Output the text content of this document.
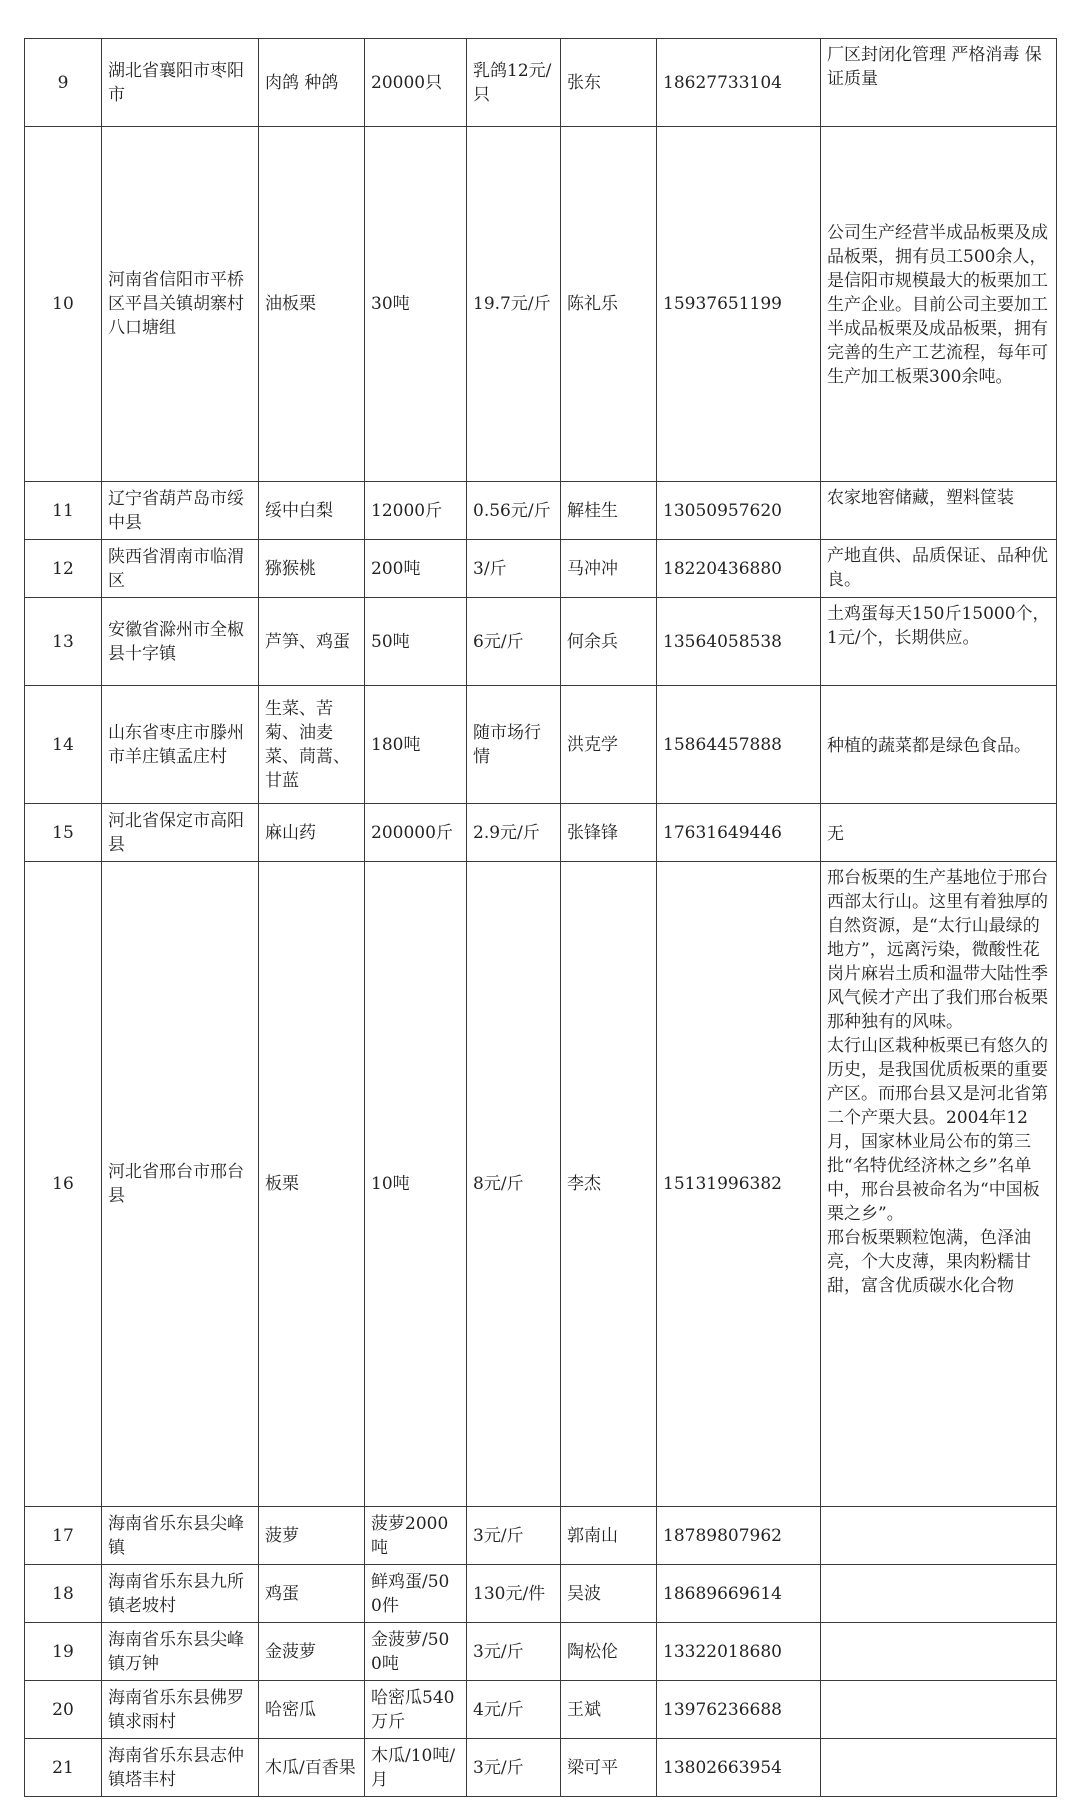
9	湖北省襄阳市枣阳市	肉鸽 种鸽	20000只	乳鸽12元/只	张东	18627733104	厂区封闭化管理 严格消毒 保证质量
10	河南省信阳市平桥区平昌关镇胡寨村八口塘组	油板栗	30吨	19.7元/斤	陈礼乐	15937651199	公司生产经营半成品板栗及成品板栗，拥有员工500余人，是信阳市规模最大的板栗加工生产企业。目前公司主要加工半成品板栗及成品板栗，拥有完善的生产工艺流程，每年可生产加工板栗300余吨。
11	辽宁省葫芦岛市绥中县	绥中白梨	12000斤	0.56元/斤	解桂生	13050957620	农家地窖储藏，塑料筐装
12	陕西省渭南市临渭区	猕猴桃	200吨	3/斤	马冲冲	18220436880	产地直供、品质保证、品种优良。
13	安徽省滁州市全椒县十字镇	芦笋、鸡蛋	50吨	6元/斤	何余兵	13564058538	土鸡蛋每天150斤15000个，1元/个，长期供应。
14	山东省枣庄市滕州市羊庄镇孟庄村	生菜、苦菊、油麦菜、茼蒿、甘蓝	180吨	随市场行情	洪克学	15864457888	种植的蔬菜都是绿色食品。
15	河北省保定市高阳县	麻山药	200000斤	2.9元/斤	张锋锋	17631649446	无
16	河北省邢台市邢台县	板栗	10吨	8元/斤	李杰	15131996382	邢台板栗的生产基地位于邢台西部太行山。这里有着独厚的自然资源，是“太行山最绿的地方”，远离污染，微酸性花岗片麻岩土质和温带大陆性季风气候才产出了我们邢台板栗那种独有的风味。
太行山区栽种板栗已有悠久的历史，是我国优质板栗的重要产区。而邢台县又是河北省第二个产栗大县。2004年12月，国家林业局公布的第三批“名特优经济林之乡”名单中，邢台县被命名为“中国板栗之乡”。
邢台板栗颗粒饱满，色泽油亮，个大皮薄，果肉粉糯甘甜，富含优质碳水化合物

17	海南省乐东县尖峰镇	菠萝	菠萝2000吨	3元/斤	郭南山	18789807962	
18	海南省乐东县九所镇老坡村	鸡蛋	鲜鸡蛋/500件	130元/件	吴波	18689669614	
19	海南省乐东县尖峰镇万钟	金菠萝	金菠萝/500吨	3元/斤	陶松伦	13322018680	
20	海南省乐东县佛罗镇求雨村	哈密瓜	哈密瓜540万斤	4元/斤	王斌	13976236688	
21	海南省乐东县志仲镇塔丰村	木瓜/百香果	木瓜/10吨/月	3元/斤	梁可平	13802663954	
